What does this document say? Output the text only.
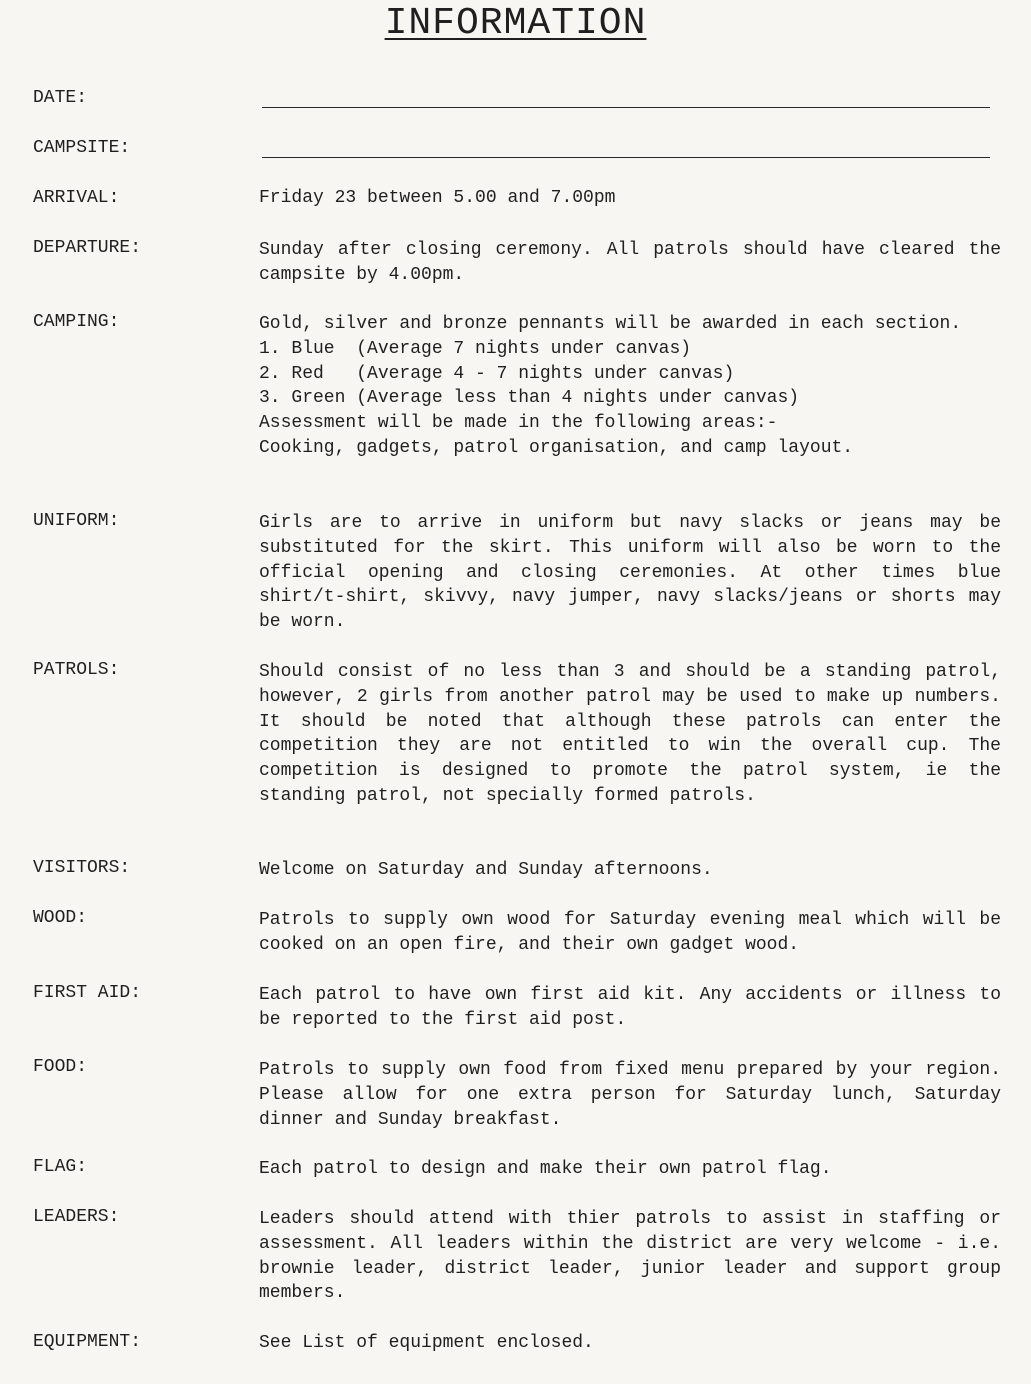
INFORMATION
DATE:
CAMPSITE:
ARRIVAL:	Friday 23 between 5.00 and 7.00pm
DEPARTURE:	Sunday after closing ceremony. All patrols should have cleared the campsite by 4.00pm.
CAMPING:	Gold, silver and bronze pennants will be awarded in each section.
1. Blue  (Average 7 nights under canvas)
2. Red   (Average 4 - 7 nights under canvas)
3. Green (Average less than 4 nights under canvas)
Assessment will be made in the following areas:-
Cooking, gadgets, patrol organisation, and camp layout.
UNIFORM:	Girls are to arrive in uniform but navy slacks or jeans may be substituted for the skirt. This uniform will also be worn to the official opening and closing ceremonies. At other times blue shirt/t-shirt, skivvy, navy jumper, navy slacks/jeans or shorts may be worn.
PATROLS:	Should consist of no less than 3 and should be a standing patrol, however, 2 girls from another patrol may be used to make up numbers. It should be noted that although these patrols can enter the competition they are not entitled to win the overall cup. The competition is designed to promote the patrol system, ie the standing patrol, not specially formed patrols.
VISITORS:	Welcome on Saturday and Sunday afternoons.
WOOD:	Patrols to supply own wood for Saturday evening meal which will be cooked on an open fire, and their own gadget wood.
FIRST AID:	Each patrol to have own first aid kit. Any accidents or illness to be reported to the first aid post.
FOOD:	Patrols to supply own food from fixed menu prepared by your region. Please allow for one extra person for Saturday lunch, Saturday dinner and Sunday breakfast.
FLAG:	Each patrol to design and make their own patrol flag.
LEADERS:	Leaders should attend with thier patrols to assist in staffing or assessment. All leaders within the district are very welcome - i.e. brownie leader, district leader, junior leader and support group members.
EQUIPMENT:	See List of equipment enclosed.
